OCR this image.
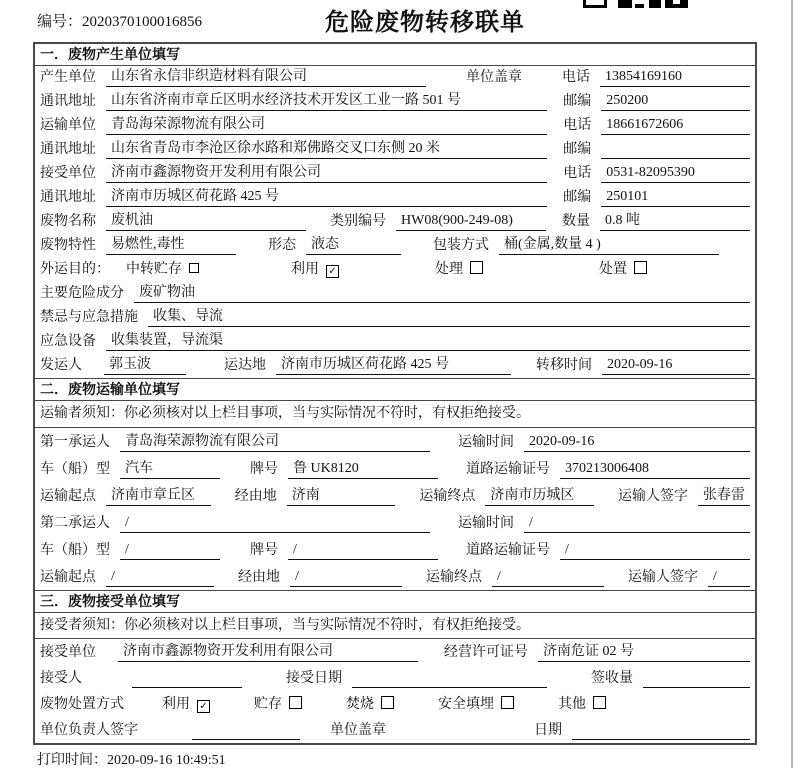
编号：2020370100016856	危险废物转移联单
一．废物产生单位填写
产生单位	山东省永信非织造材料有限公司	单位盖章	电话	13854169160
通讯地址	山东省济南市章丘区明水经济技术开发区工业一路 501 号	邮编	250200
运输单位	青岛海荣源物流有限公司	电话	18661672606
通讯地址	山东省青岛市李沧区徐水路和郑佛路交叉口东侧 20 米	邮编
接受单位	济南市鑫源物资开发利用有限公司	电话	0531-82095390
通讯地址	济南市历城区荷花路 425 号	邮编	250101
废物名称	废机油	类别编号	HW08(900-249-08)	数量	0.8 吨
废物特性	易燃性,毒性	形态	液态	包装方式	桶(金属,数量 4 )
外运目的： 中转贮存	利用 ✓	处理	处置
主要危险成分	废矿物油
禁忌与应急措施	收集、导流
应急设备	收集装置，导流渠
发运人	郭玉波	运达地	济南市历城区荷花路 425 号	转移时间	2020-09-16
二．废物运输单位填写
运输者须知：你必须核对以上栏目事项，当与实际情况不符时，有权拒绝接受。
第一承运人	青岛海荣源物流有限公司	运输时间	2020-09-16
车（船）型	汽车	牌号	鲁 UK8120	道路运输证号	370213006408
运输起点	济南市章丘区	经由地	济南	运输终点	济南市历城区	运输人签字	张春雷
第二承运人	/	运输时间	/
车（船）型	/	牌号	/	道路运输证号	/
运输起点	/	经由地	/	运输终点	/	运输人签字	/
三．废物接受单位填写
接受者须知：你必须核对以上栏目事项，当与实际情况不符时，有权拒绝接受。
接受单位	济南市鑫源物资开发利用有限公司	经营许可证号	济南危证 02 号
接受人	接受日期	签收量
废物处置方式	利用 ✓	贮存	焚烧	安全填埋	其他
单位负责人签字	单位盖章	日期
打印时间：2020-09-16 10:49:51
